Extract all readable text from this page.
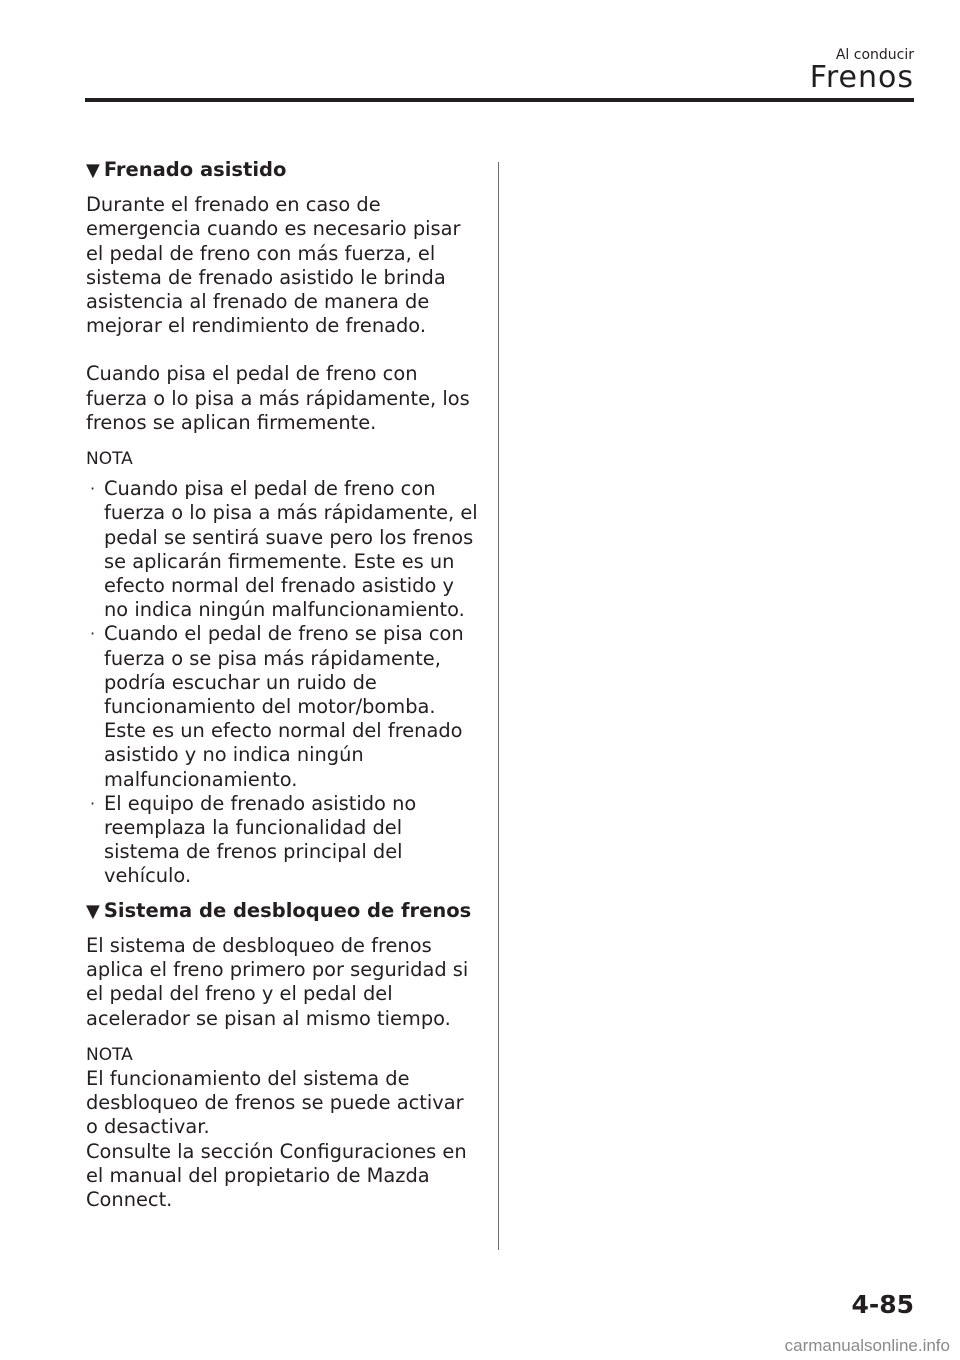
Al conducir
Frenos
▼ Frenado asistido

Durante el frenado en caso de emergencia cuando es necesario pisar el pedal de freno con más fuerza, el sistema de frenado asistido le brinda asistencia al frenado de manera de mejorar el rendimiento de frenado.

Cuando pisa el pedal de freno con fuerza o lo pisa a más rápidamente, los frenos se aplican firmemente.

NOTA
· Cuando pisa el pedal de freno con fuerza o lo pisa a más rápidamente, el pedal se sentirá suave pero los frenos se aplicarán firmemente. Este es un efecto normal del frenado asistido y no indica ningún malfuncionamiento.
· Cuando el pedal de freno se pisa con fuerza o se pisa más rápidamente, podría escuchar un ruido de funcionamiento del motor/bomba. Este es un efecto normal del frenado asistido y no indica ningún malfuncionamiento.
· El equipo de frenado asistido no reemplaza la funcionalidad del sistema de frenos principal del vehículo.
▼ Sistema de desbloqueo de frenos

El sistema de desbloqueo de frenos aplica el freno primero por seguridad si el pedal del freno y el pedal del acelerador se pisan al mismo tiempo.

NOTA

El funcionamiento del sistema de desbloqueo de frenos se puede activar o desactivar.

Consulte la sección Configuraciones en el manual del propietario de Mazda Connect.

4-85
carmanualsonline.info
